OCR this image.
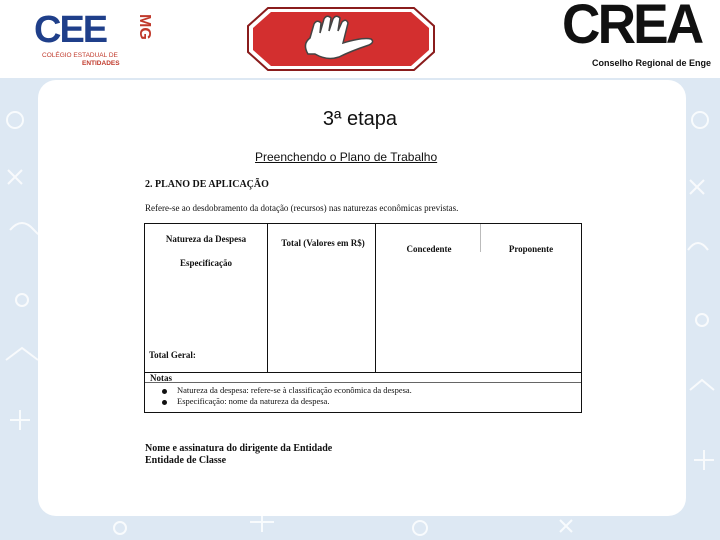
CEE MG
COLÉGIO ESTADUAL DE
ENTIDADES
CREA
Conselho Regional de Enge
3ª etapa
Preenchendo o Plano de Trabalho
2. PLANO DE APLICAÇÃO
Refere-se ao desdobramento da dotação (recursos) nas naturezas econômicas previstas.
Natureza da Despesa
Especificação
Total (Valores em R$)
Concedente	Proponente
Total Geral:
Notas
Natureza da despesa: refere-se à classificação econômica da despesa.
Especificação: nome da natureza da despesa.
Nome e assinatura do dirigente da Entidade
Entidade de Classe
